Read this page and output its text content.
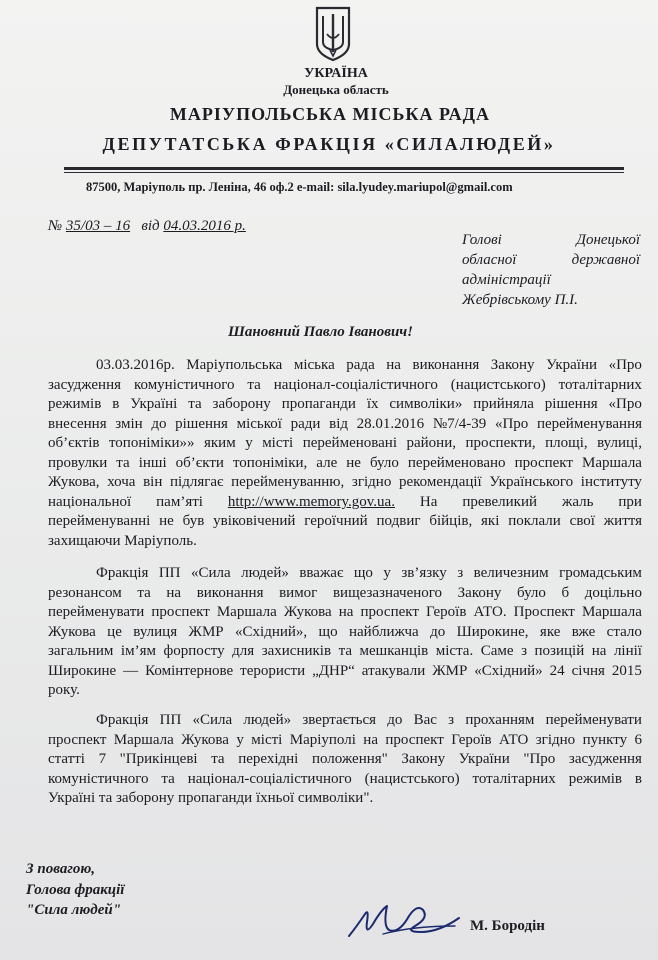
УКРАЇНА
Донецька область
МАРІУПОЛЬСЬКА МІСЬКА РАДА
ДЕПУТАТСЬКА ФРАКЦІЯ «СИЛАЛЮДЕЙ»
87500, Маріуполь пр. Леніна, 46 оф.2 e-mail: sila.lyudey.mariupol@gmail.com
№ 35/03 – 16 від 04.03.2016 р.
Голові	Донецької
обласної	державної
адміністрації
Жебрівському П.І.
Шановний Павло Іванович!
03.03.2016р. Маріупольська міська рада на виконання Закону України «Про
засудження комуністичного та націонал-соціалістичного (нацистського) тоталітарних
режимів в Україні та заборону пропаганди їх символіки» прийняла рішення «Про
внесення змін до рішення міської ради від 28.01.2016 №7/4-39 «Про перейменування
об’єктів топоніміки»» яким у місті перейменовані райони, проспекти, площі, вулиці,
провулки та інші об’єкти топоніміки, але не було перейменовано проспект Маршала
Жукова, хоча він підлягає перейменуванню, згідно рекомендації Українського інституту
національної пам’яті http://www.memory.gov.ua. На превеликий жаль при
перейменуванні не був увіковічений героїчний подвиг бійців, які поклали свої життя
захищаючи Маріуполь.
Фракція ПП «Сила людей» вважає що у зв’язку з величезним громадським
резонансом та на виконання вимог вищезазначеного Закону було б доцільно
перейменувати проспект Маршала Жукова на проспект Героїв АТО. Проспект Маршала
Жукова це вулиця ЖМР «Східний», що найближча до Широкине, яке вже стало
загальним ім’ям форпосту для захисників та мешканців міста. Саме з позицій на лінії
Широкине — Комінтернове терористи „ДНР“ атакували ЖМР «Східний» 24 січня 2015
року.
Фракція ПП «Сила людей» звертається до Вас з проханням перейменувати
проспект Маршала Жукова у місті Маріуполі на проспект Героїв АТО згідно пункту 6
статті 7 "Прикінцеві та перехідні положення" Закону України "Про засудження
комуністичного та націонал-соціалістичного (нацистського) тоталітарних режимів в
Україні та заборону пропаганди їхньої символіки".
З повагою,
Голова фракції
"Сила людей"
М. Бородін
